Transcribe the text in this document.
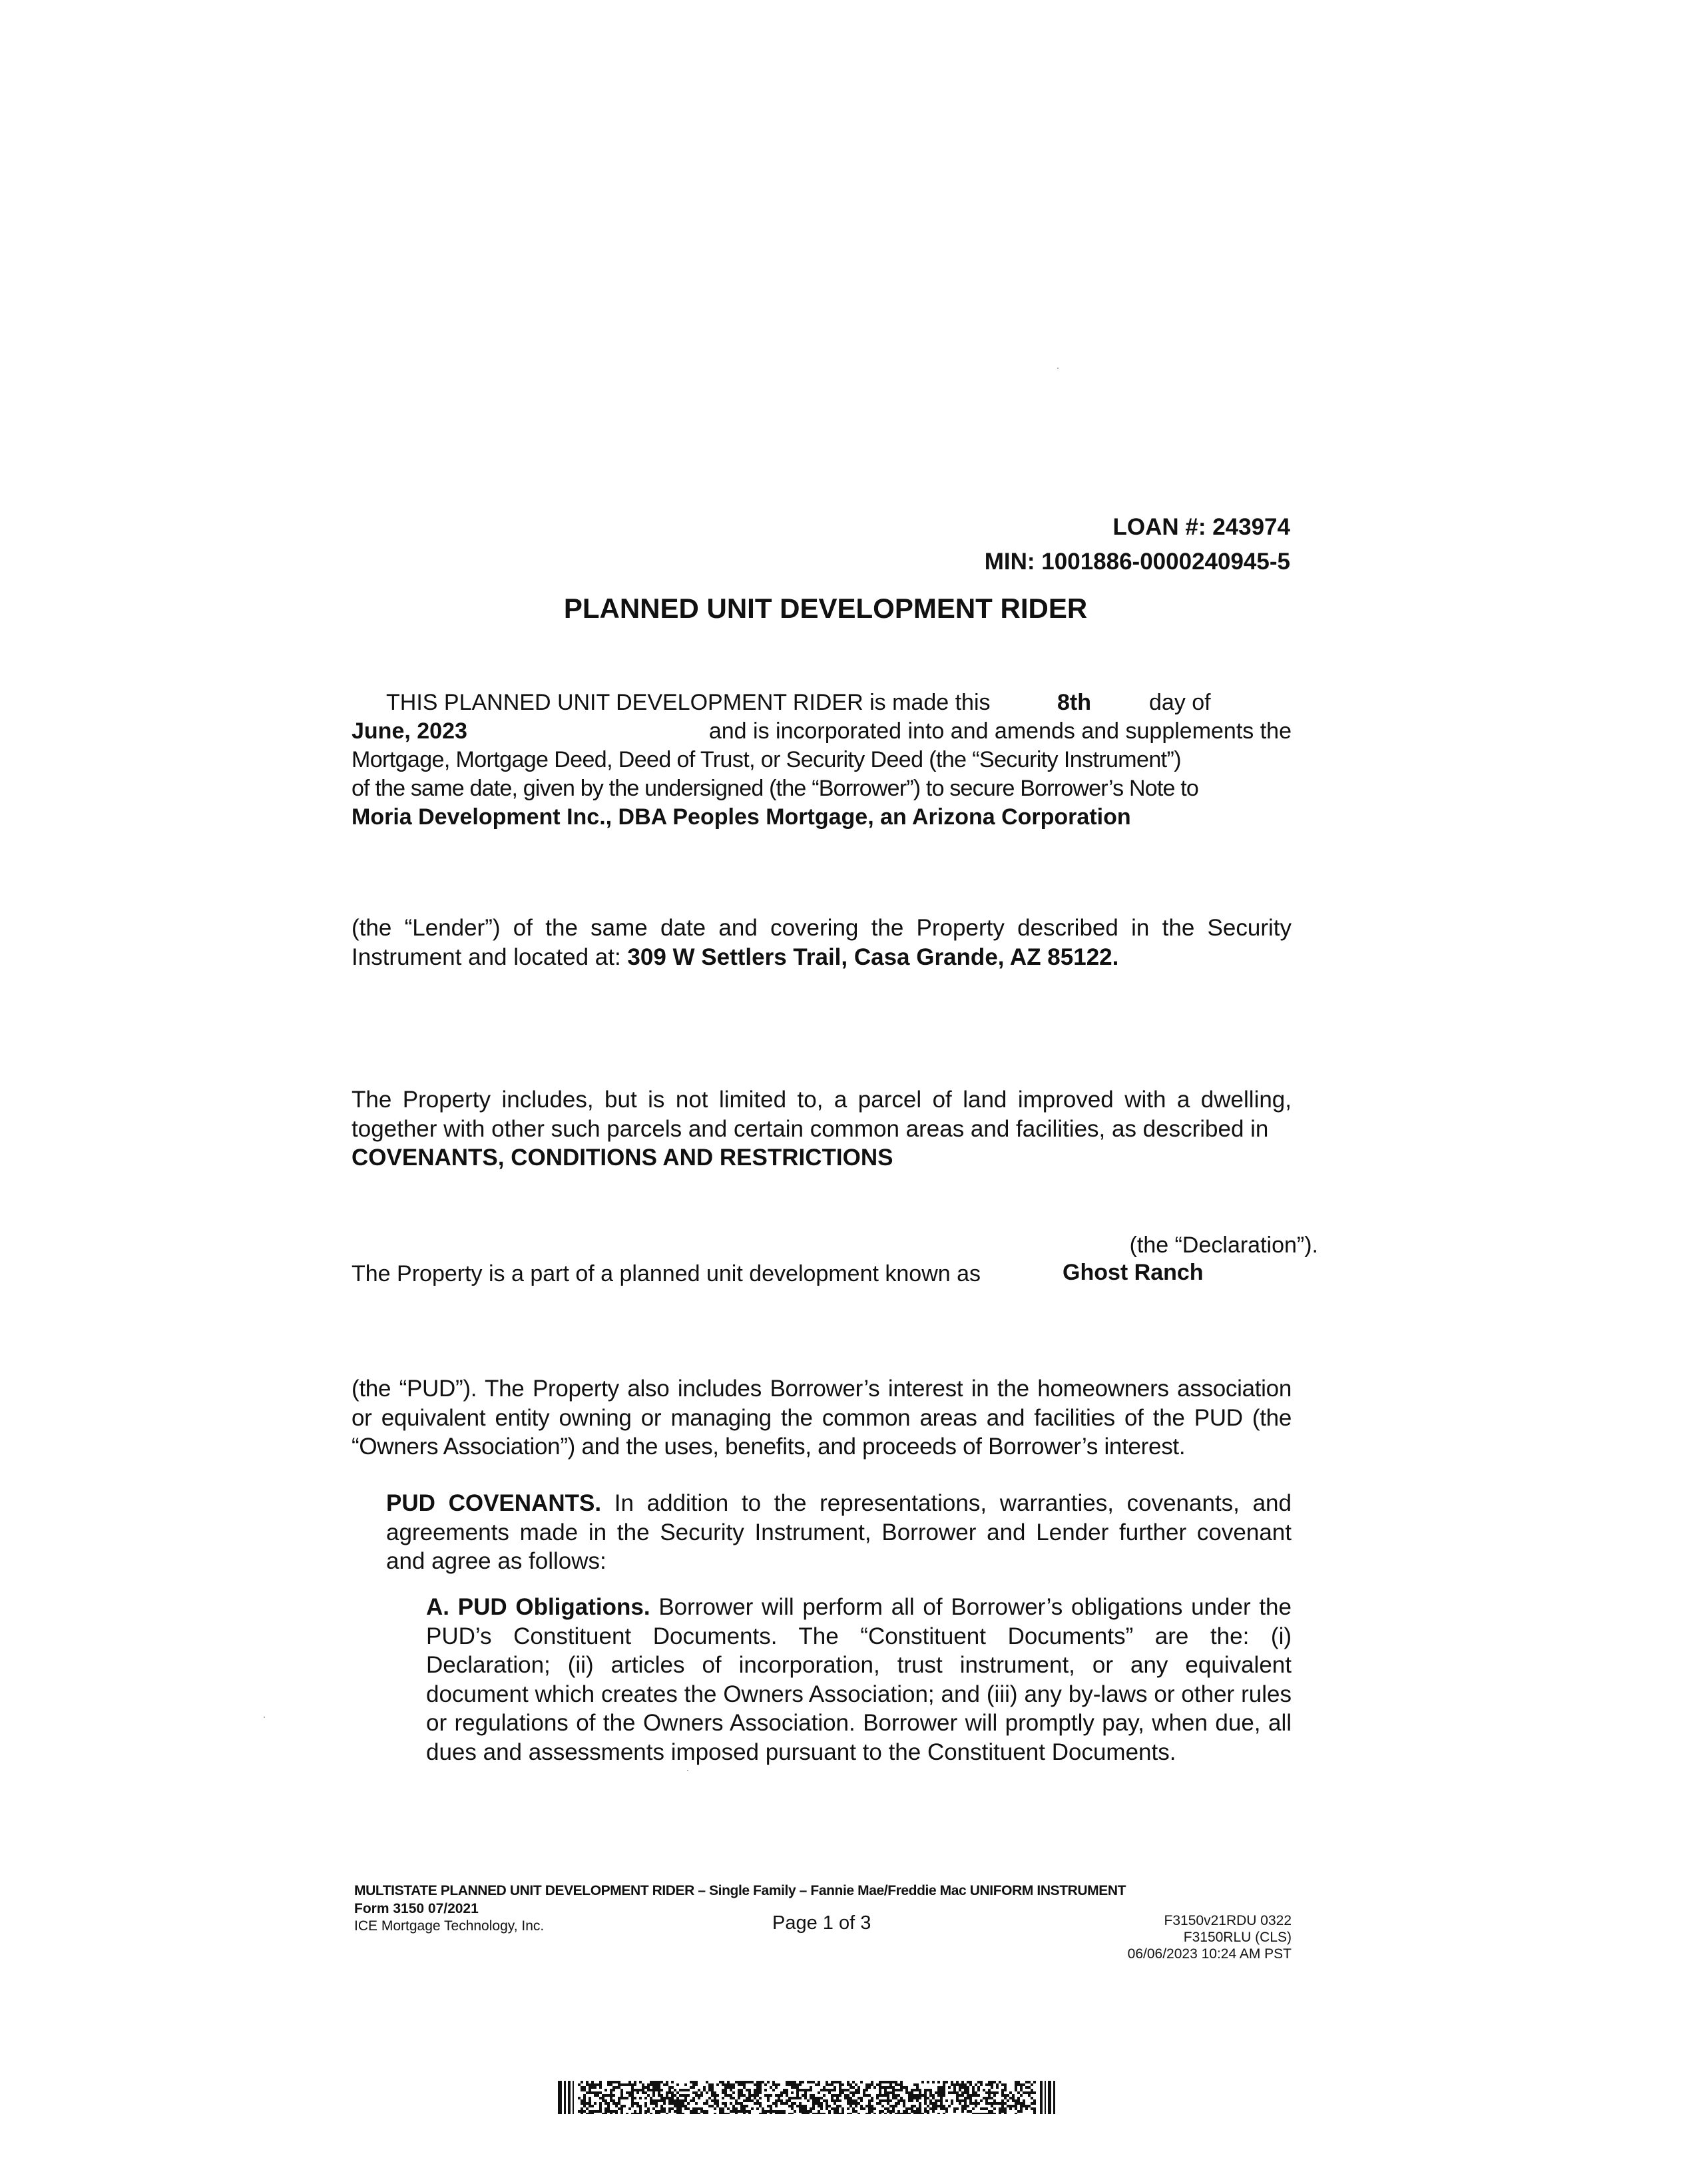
LOAN #: 243974
MIN: 1001886-0000240945-5
PLANNED UNIT DEVELOPMENT RIDER
THIS PLANNED UNIT DEVELOPMENT RIDER is made this	8th	day of
June, 2023	and is incorporated into and amends and supplements the
Mortgage, Mortgage Deed, Deed of Trust, or Security Deed (the “Security Instrument”)
of the same date, given by the undersigned (the “Borrower”) to secure Borrower’s Note to
Moria Development Inc., DBA Peoples Mortgage, an Arizona Corporation
(the “Lender”) of the same date and covering the Property described in the Security Instrument and located at: 309 W Settlers Trail, Casa Grande, AZ 85122.
The Property includes, but is not limited to, a parcel of land improved with a dwelling, together with other such parcels and certain common areas and facilities, as described in
COVENANTS, CONDITIONS AND RESTRICTIONS
(the “Declaration”).
The Property is a part of a planned unit development known as	Ghost Ranch
(the “PUD”). The Property also includes Borrower’s interest in the homeowners association or equivalent entity owning or managing the common areas and facilities of the PUD (the “Owners Association”) and the uses, benefits, and proceeds of Borrower’s interest.
PUD COVENANTS. In addition to the representations, warranties, covenants, and agreements made in the Security Instrument, Borrower and Lender further covenant and agree as follows:
A. PUD Obligations. Borrower will perform all of Borrower’s obligations under the PUD’s Constituent Documents. The “Constituent Documents” are the: (i) Declaration; (ii) articles of incorporation, trust instrument, or any equivalent document which creates the Owners Association; and (iii) any by-laws or other rules or regulations of the Owners Association. Borrower will promptly pay, when due, all dues and assessments imposed pursuant to the Constituent Documents.
MULTISTATE PLANNED UNIT DEVELOPMENT RIDER – Single Family – Fannie Mae/Freddie Mac UNIFORM INSTRUMENT
Form 3150 07/2021
ICE Mortgage Technology, Inc.	Page 1 of 3	F3150v21RDU 0322
F3150RLU (CLS)
06/06/2023 10:24 AM PST
